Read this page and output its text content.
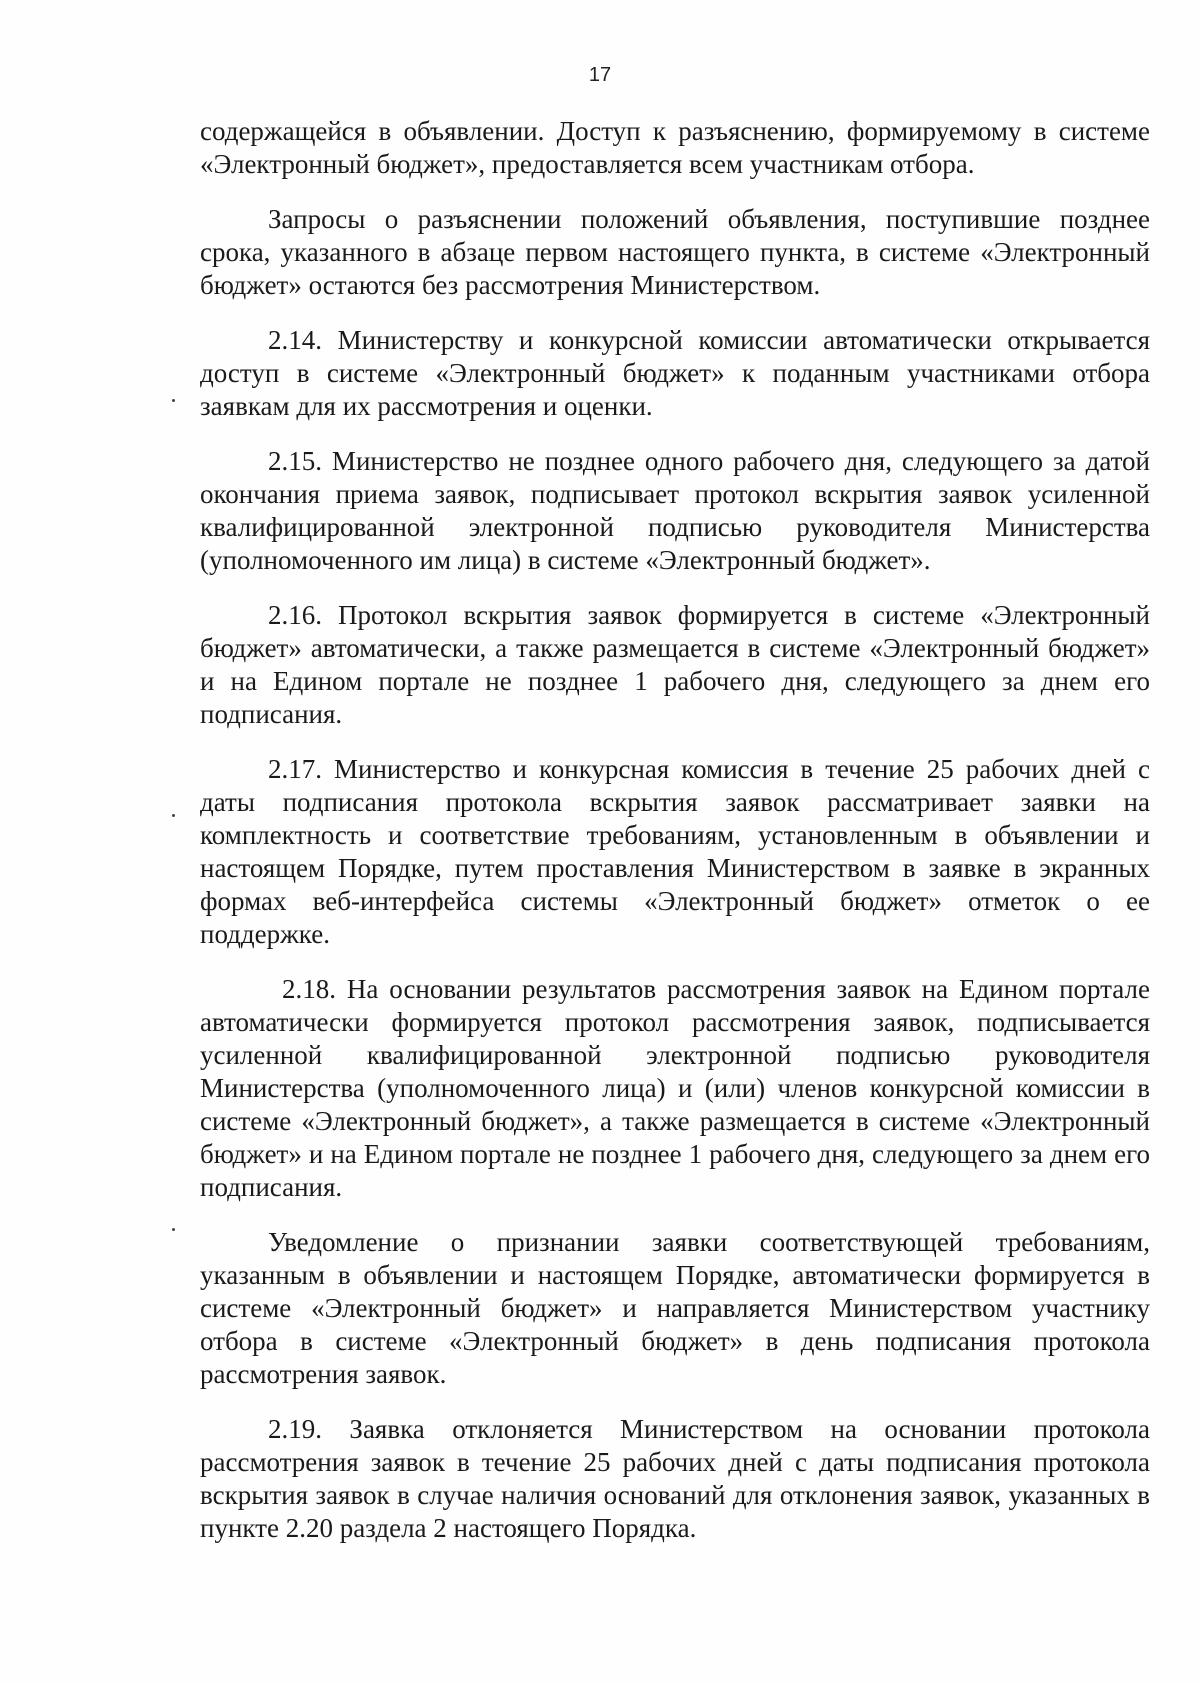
17

содержащейся в объявлении. Доступ к разъяснению, формируемому в системе «Электронный бюджет», предоставляется всем участникам отбора.

Запросы о разъяснении положений объявления, поступившие позднее срока, указанного в абзаце первом настоящего пункта, в системе «Электронный бюджет» остаются без рассмотрения Министерством.

2.14. Министерству и конкурсной комиссии автоматически открывается доступ в системе «Электронный бюджет» к поданным участниками отбора заявкам для их рассмотрения и оценки.

2.15. Министерство не позднее одного рабочего дня, следующего за датой окончания приема заявок, подписывает протокол вскрытия заявок усиленной квалифицированной электронной подписью руководителя Министерства (уполномоченного им лица) в системе «Электронный бюджет».

2.16. Протокол вскрытия заявок формируется в системе «Электронный бюджет» автоматически, а также размещается в системе «Электронный бюджет» и на Едином портале не позднее 1 рабочего дня, следующего за днем его подписания.

2.17. Министерство и конкурсная комиссия в течение 25 рабочих дней с даты подписания протокола вскрытия заявок рассматривает заявки на комплектность и соответствие требованиям, установленным в объявлении и настоящем Порядке, путем проставления Министерством в заявке в экранных формах веб-интерфейса системы «Электронный бюджет» отметок о ее поддержке.

2.18. На основании результатов рассмотрения заявок на Едином портале автоматически формируется протокол рассмотрения заявок, подписывается усиленной квалифицированной электронной подписью руководителя Министерства (уполномоченного лица) и (или) членов конкурсной комиссии в системе «Электронный бюджет», а также размещается в системе «Электронный бюджет» и на Едином портале не позднее 1 рабочего дня, следующего за днем его подписания.

Уведомление о признании заявки соответствующей требованиям, указанным в объявлении и настоящем Порядке, автоматически формируется в системе «Электронный бюджет» и направляется Министерством участнику отбора в системе «Электронный бюджет» в день подписания протокола рассмотрения заявок.

2.19. Заявка отклоняется Министерством на основании протокола рассмотрения заявок в течение 25 рабочих дней с даты подписания протокола вскрытия заявок в случае наличия оснований для отклонения заявок, указанных в пункте 2.20 раздела 2 настоящего Порядка.
